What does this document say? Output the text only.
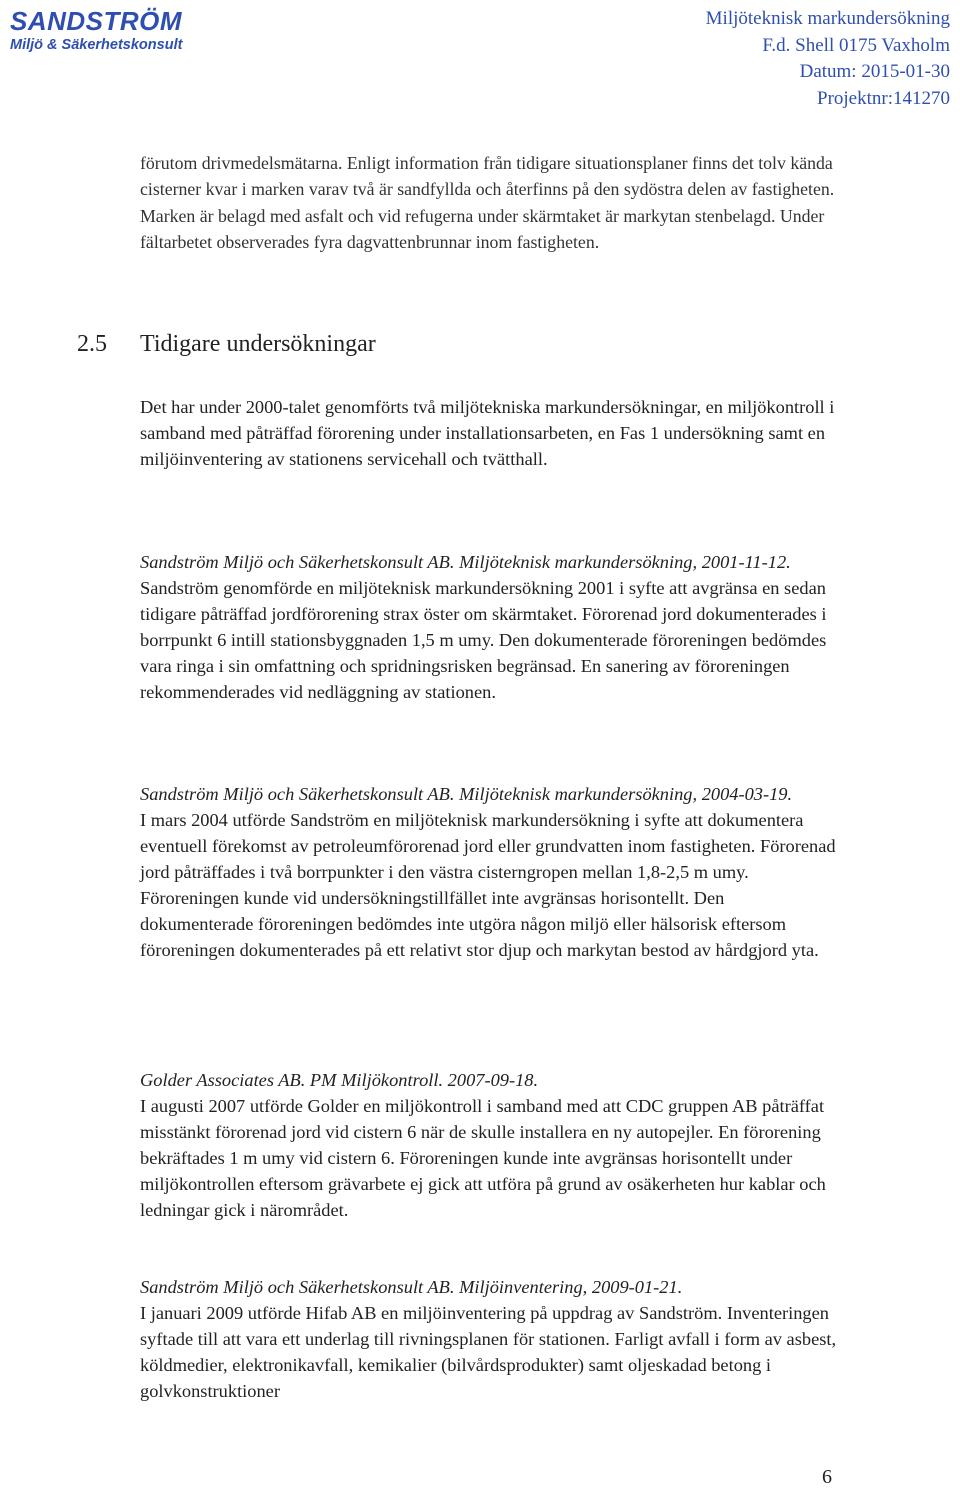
SANDSTRÖM
Miljö & Säkerhetskonsult
Miljöteknisk markundersökning
F.d. Shell 0175 Vaxholm
Datum: 2015-01-30
Projektnr:141270

förutom drivmedelsmätarna. Enligt information från tidigare situationsplaner finns det tolv kända cisterner kvar i marken varav två är sandfyllda och återfinns på den sydöstra delen av fastigheten. Marken är belagd med asfalt och vid refugerna under skärmtaket är markytan stenbelagd. Under fältarbetet observerades fyra dagvattenbrunnar inom fastigheten.

2.5 Tidigare undersökningar

Det har under 2000-talet genomförts två miljötekniska markundersökningar, en miljökontroll i samband med påträffad förorening under installationsarbeten, en Fas 1 undersökning samt en miljöinventering av stationens servicehall och tvätthall.

Sandström Miljö och Säkerhetskonsult AB. Miljöteknisk markundersökning, 2001-11-12.
Sandström genomförde en miljöteknisk markundersökning 2001 i syfte att avgränsa en sedan tidigare påträffad jordförorening strax öster om skärmtaket. Förorenad jord dokumenterades i borrpunkt 6 intill stationsbyggnaden 1,5 m umy. Den dokumenterade föroreningen bedömdes vara ringa i sin omfattning och spridningsrisken begränsad. En sanering av föroreningen rekommenderades vid nedläggning av stationen.
Sandström Miljö och Säkerhetskonsult AB. Miljöteknisk markundersökning, 2004-03-19.
I mars 2004 utförde Sandström en miljöteknisk markundersökning i syfte att dokumentera eventuell förekomst av petroleumförorenad jord eller grundvatten inom fastigheten. Förorenad jord påträffades i två borrpunkter i den västra cisterngropen mellan 1,8-2,5 m umy. Föroreningen kunde vid undersökningstillfället inte avgränsas horisontellt. Den dokumenterade föroreningen bedömdes inte utgöra någon miljö eller hälsorisk eftersom föroreningen dokumenterades på ett relativt stor djup och markytan bestod av hårdgjord yta.
Golder Associates AB. PM Miljökontroll. 2007-09-18.
I augusti 2007 utförde Golder en miljökontroll i samband med att CDC gruppen AB påträffat misstänkt förorenad jord vid cistern 6 när de skulle installera en ny autopejler. En förorening bekräftades 1 m umy vid cistern 6. Föroreningen kunde inte avgränsas horisontellt under miljökontrollen eftersom grävarbete ej gick att utföra på grund av osäkerheten hur kablar och ledningar gick i närområdet.
Sandström Miljö och Säkerhetskonsult AB. Miljöinventering, 2009-01-21.
I januari 2009 utförde Hifab AB en miljöinventering på uppdrag av Sandström. Inventeringen syftade till att vara ett underlag till rivningsplanen för stationen. Farligt avfall i form av asbest, köldmedier, elektronikavfall, kemikalier (bilvårdsprodukter) samt oljeskadad betong i golvkonstruktioner
6
